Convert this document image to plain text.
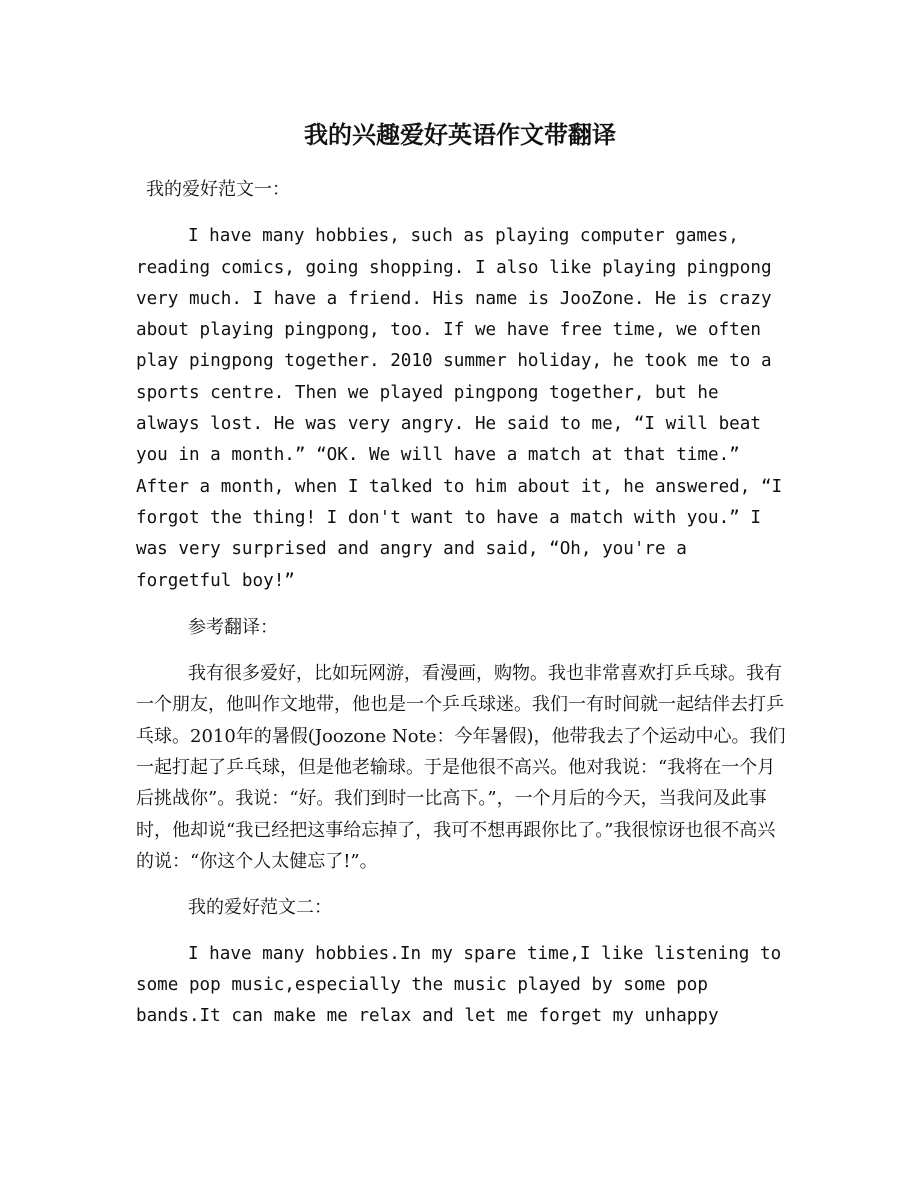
我的兴趣爱好英语作文带翻译

我的爱好范文一：

I have many hobbies, such as playing computer games, reading comics, going shopping. I also like playing pingpong very much. I have a friend. His name is JooZone. He is crazy about playing pingpong, too. If we have free time, we often play pingpong together. 2010 summer holiday, he took me to a sports centre. Then we played pingpong together, but he always lost. He was very angry. He said to me, “I will beat you in a month.” “OK. We will have a match at that time.” After a month, when I talked to him about it, he answered, “I forgot the thing! I don't want to have a match with you.” I was very surprised and angry and said, “Oh, you're a forgetful boy!”

参考翻译：

我有很多爱好，比如玩网游，看漫画，购物。我也非常喜欢打乒乓球。我有一个朋友，他叫作文地带，他也是一个乒乓球迷。我们一有时间就一起结伴去打乒乓球。2010年的暑假(Joozone Note：今年暑假)，他带我去了个运动中心。我们一起打起了乒乓球，但是他老输球。于是他很不高兴。他对我说：“我将在一个月后挑战你”。我说：“好。我们到时一比高下。”，一个月后的今天，当我问及此事时，他却说“我已经把这事给忘掉了，我可不想再跟你比了。”我很惊讶也很不高兴的说：“你这个人太健忘了!”。

我的爱好范文二：

I have many hobbies.In my spare time,I like listening to some pop music,especially the music played by some pop bands.It can make me relax and let me forget my unhappy
